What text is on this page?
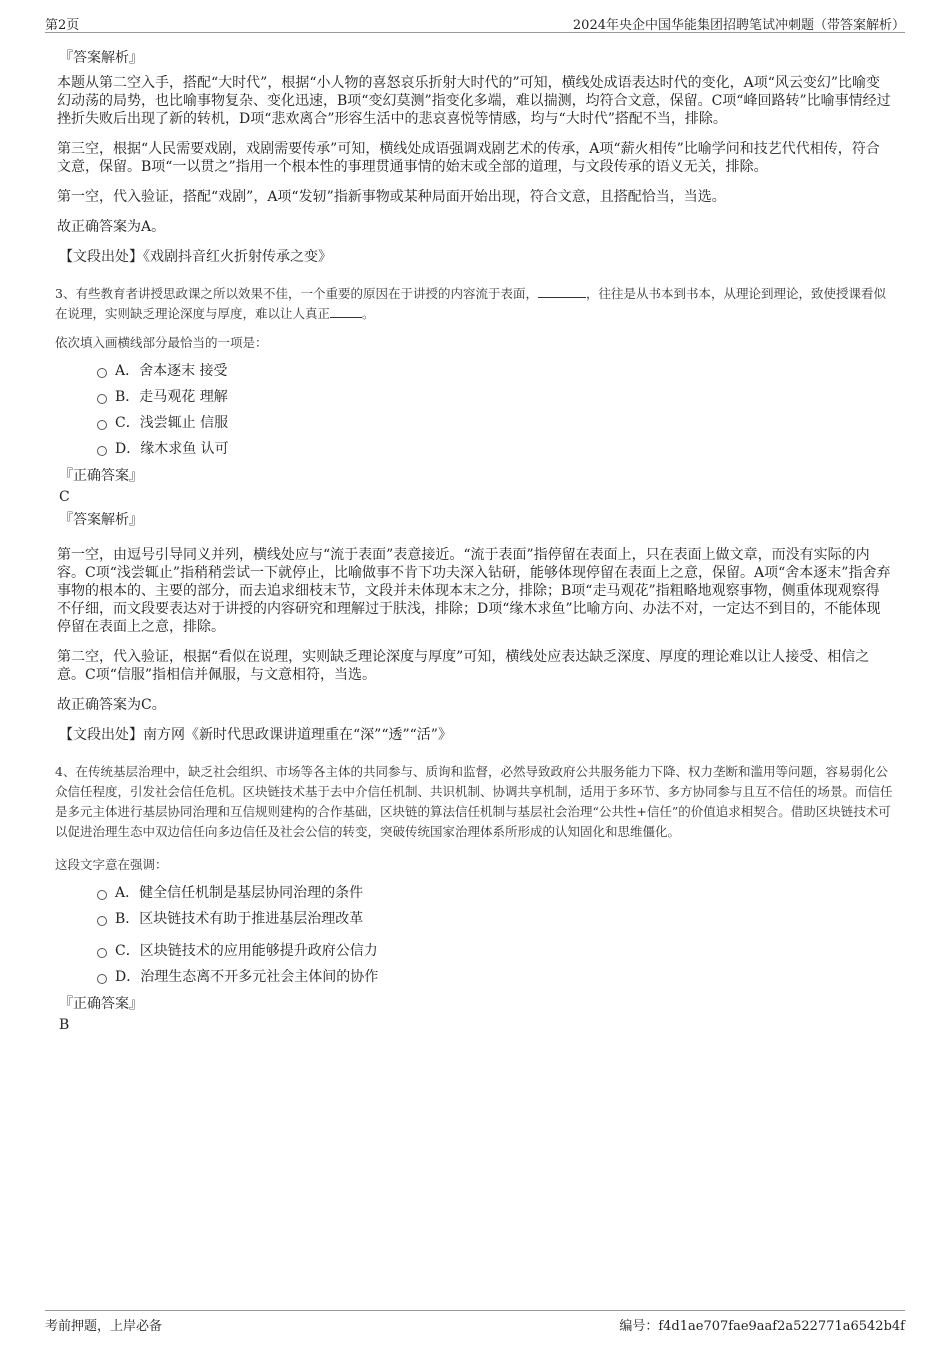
第2页	2024年央企中国华能集团招聘笔试冲刺题（带答案解析）
『答案解析』

本题从第二空入手，搭配“大时代”，根据“小人物的喜怒哀乐折射大时代的”可知，横线处成语表达时代的变化，A项“风云变幻”比喻变幻动荡的局势，也比喻事物复杂、变化迅速，B项“变幻莫测”指变化多端，难以揣测，均符合文意，保留。C项“峰回路转”比喻事情经过挫折失败后出现了新的转机，D项“悲欢离合”形容生活中的悲哀喜悦等情感，均与“大时代”搭配不当，排除。

第三空，根据“人民需要戏剧，戏剧需要传承”可知，横线处成语强调戏剧艺术的传承，A项“薪火相传”比喻学问和技艺代代相传，符合文意，保留。B项“一以贯之”指用一个根本性的事理贯通事情的始末或全部的道理，与文段传承的语义无关，排除。

第一空，代入验证，搭配“戏剧”，A项“发轫”指新事物或某种局面开始出现，符合文意，且搭配恰当，当选。

故正确答案为A。

【文段出处】《戏剧抖音红火折射传承之变》
3、有些教育者讲授思政课之所以效果不佳，一个重要的原因在于讲授的内容流于表面，	，往往是从书本到书本，从理论到理论，致使授课看似在说理，实则缺乏理论深度与厚度，难以让人真正	。
依次填入画横线部分最恰当的一项是：
A．舍本逐末 接受
B．走马观花 理解
C．浅尝辄止 信服
D．缘木求鱼 认可
『正确答案』
C
『答案解析』

第一空，由逗号引导同义并列，横线处应与“流于表面”表意接近。“流于表面”指停留在表面上，只在表面上做文章，而没有实际的内容。C项“浅尝辄止”指稍稍尝试一下就停止，比喻做事不肯下功夫深入钻研，能够体现停留在表面上之意，保留。A项“舍本逐末”指舍弃事物的根本的、主要的部分，而去追求细枝末节，文段并未体现本末之分，排除；B项“走马观花”指粗略地观察事物，侧重体现观察得不仔细，而文段要表达对于讲授的内容研究和理解过于肤浅，排除；D项“缘木求鱼”比喻方向、办法不对，一定达不到目的，不能体现停留在表面上之意，排除。

第二空，代入验证，根据“看似在说理，实则缺乏理论深度与厚度”可知，横线处应表达缺乏深度、厚度的理论难以让人接受、相信之意。C项“信服”指相信并佩服，与文意相符，当选。

故正确答案为C。

【文段出处】南方网《新时代思政课讲道理重在“深”“透”“活”》
4、在传统基层治理中，缺乏社会组织、市场等各主体的共同参与、质询和监督，必然导致政府公共服务能力下降、权力垄断和滥用等问题，容易弱化公众信任程度，引发社会信任危机。区块链技术基于去中介信任机制、共识机制、协调共享机制，适用于多环节、多方协同参与且互不信任的场景。而信任是多元主体进行基层协同治理和互信规则建构的合作基础，区块链的算法信任机制与基层社会治理“公共性+信任”的价值追求相契合。借助区块链技术可以促进治理生态中双边信任向多边信任及社会公信的转变，突破传统国家治理体系所形成的认知固化和思维僵化。
这段文字意在强调：
A．健全信任机制是基层协同治理的条件
B．区块链技术有助于推进基层治理改革
C．区块链技术的应用能够提升政府公信力
D．治理生态离不开多元社会主体间的协作
『正确答案』
B
考前押题，上岸必备	编号：f4d1ae707fae9aaf2a522771a6542b4f
